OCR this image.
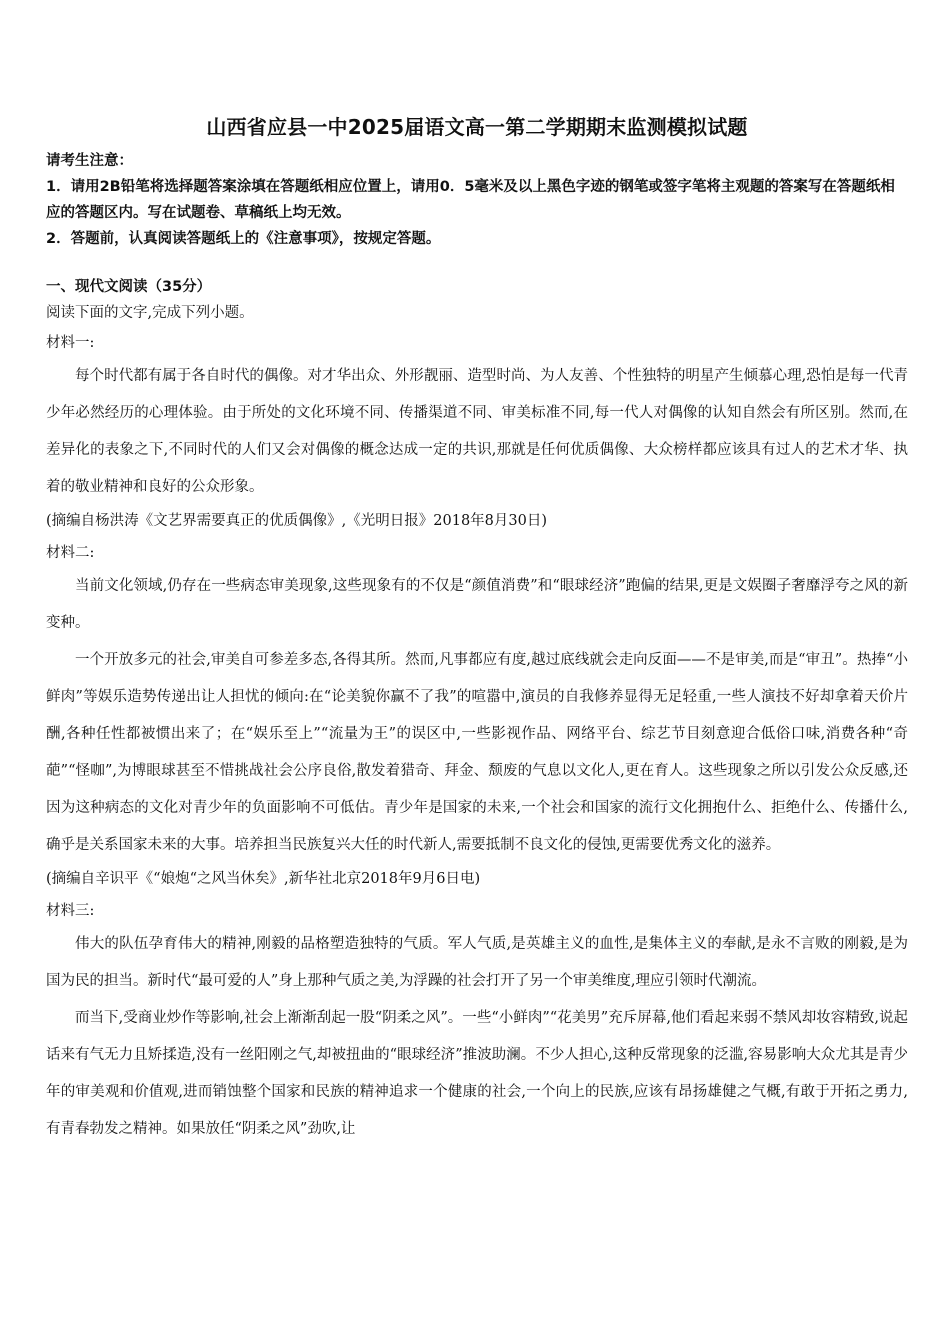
山西省应县一中2025届语文高一第二学期期末监测模拟试题

请考生注意：

1．请用2B铅笔将选择题答案涂填在答题纸相应位置上，请用0．5毫米及以上黑色字迹的钢笔或签字笔将主观题的答案写在答题纸相应的答题区内。写在试题卷、草稿纸上均无效。

2．答题前，认真阅读答题纸上的《注意事项》，按规定答题。

一、现代文阅读（35分）

阅读下面的文字,完成下列小题。

材料一:

每个时代都有属于各自时代的偶像。对才华出众、外形靓丽、造型时尚、为人友善、个性独特的明星产生倾慕心理,恐怕是每一代青少年必然经历的心理体验。由于所处的文化环境不同、传播渠道不同、审美标准不同,每一代人对偶像的认知自然会有所区别。然而,在差异化的表象之下,不同时代的人们又会对偶像的概念达成一定的共识,那就是任何优质偶像、大众榜样都应该具有过人的艺术才华、执着的敬业精神和良好的公众形象。

(摘编自杨洪涛《文艺界需要真正的优质偶像》,《光明日报》2018年8月30日)

材料二:

当前文化领域,仍存在一些病态审美现象,这些现象有的不仅是“颜值消费”和“眼球经济”跑偏的结果,更是文娱圈子奢靡浮夸之风的新变种。

一个开放多元的社会,审美自可参差多态,各得其所。然而,凡事都应有度,越过底线就会走向反面——不是审美,而是“审丑”。热捧“小鲜肉”等娱乐造势传递出让人担忧的倾向:在“论美貌你赢不了我”的喧嚣中,演员的自我修养显得无足轻重,一些人演技不好却拿着天价片酬,各种任性都被惯出来了；在“娱乐至上”“流量为王”的误区中,一些影视作品、网络平台、综艺节目刻意迎合低俗口味,消费各种“奇葩”“怪咖”,为博眼球甚至不惜挑战社会公序良俗,散发着猎奇、拜金、颓废的气息以文化人,更在育人。这些现象之所以引发公众反感,还因为这种病态的文化对青少年的负面影响不可低估。青少年是国家的未来,一个社会和国家的流行文化拥抱什么、拒绝什么、传播什么,确乎是关系国家未来的大事。培养担当民族复兴大任的时代新人,需要抵制不良文化的侵蚀,更需要优秀文化的滋养。

(摘编自辛识平《“娘炮“之风当休矣》,新华社北京2018年9月6日电)

材料三:

伟大的队伍孕育伟大的精神,刚毅的品格塑造独特的气质。军人气质,是英雄主义的血性,是集体主义的奉献,是永不言败的刚毅,是为国为民的担当。新时代“最可爱的人”身上那种气质之美,为浮躁的社会打开了另一个审美维度,理应引领时代潮流。

而当下,受商业炒作等影响,社会上渐渐刮起一股“阴柔之风”。一些“小鲜肉”“花美男”充斥屏幕,他们看起来弱不禁风却妆容精致,说起话来有气无力且矫揉造,没有一丝阳刚之气,却被扭曲的“眼球经济”推波助澜。不少人担心,这种反常现象的泛滥,容易影响大众尤其是青少年的审美观和价值观,进而销蚀整个国家和民族的精神追求一个健康的社会,一个向上的民族,应该有昂扬雄健之气概,有敢于开拓之勇力,有青春勃发之精神。如果放任“阴柔之风”劲吹,让
